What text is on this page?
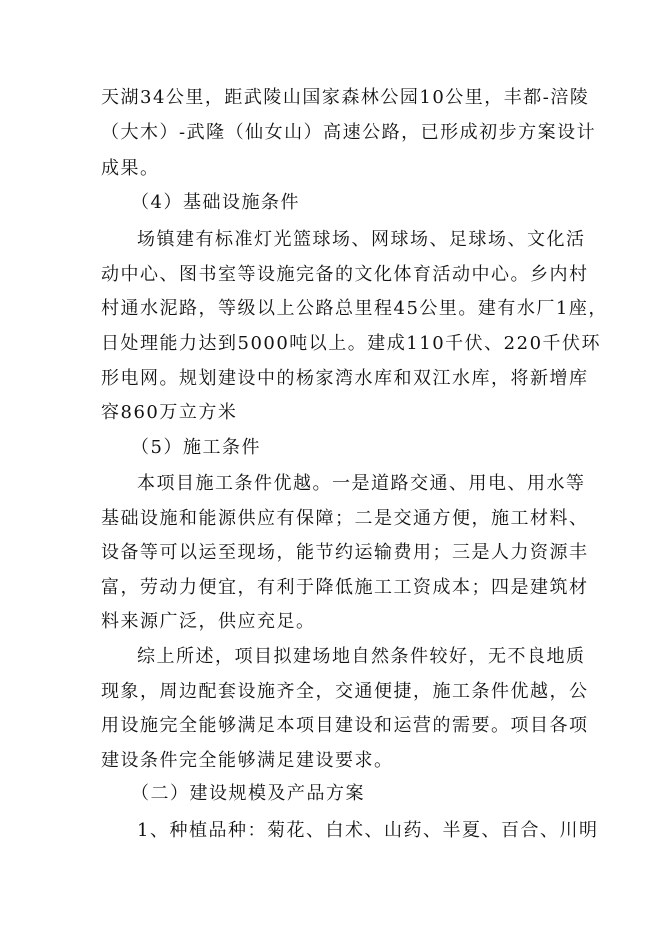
天湖34公里，距武陵山国家森林公园10公里，丰都-涪陵
（大木）-武隆（仙女山）高速公路，已形成初步方案设计
成果。
（4）基础设施条件
场镇建有标准灯光篮球场、网球场、足球场、文化活
动中心、图书室等设施完备的文化体育活动中心。乡内村
村通水泥路，等级以上公路总里程45公里。建有水厂1座，
日处理能力达到5000吨以上。建成110千伏、220千伏环
形电网。规划建设中的杨家湾水库和双江水库，将新增库
容860万立方米
（5）施工条件
本项目施工条件优越。一是道路交通、用电、用水等
基础设施和能源供应有保障；二是交通方便，施工材料、
设备等可以运至现场，能节约运输费用；三是人力资源丰
富，劳动力便宜，有利于降低施工工资成本；四是建筑材
料来源广泛，供应充足。
综上所述，项目拟建场地自然条件较好，无不良地质
现象，周边配套设施齐全，交通便捷，施工条件优越，公
用设施完全能够满足本项目建设和运营的需要。项目各项
建设条件完全能够满足建设要求。
（二）建设规模及产品方案
1、种植品种：菊花、白术、山药、半夏、百合、川明
